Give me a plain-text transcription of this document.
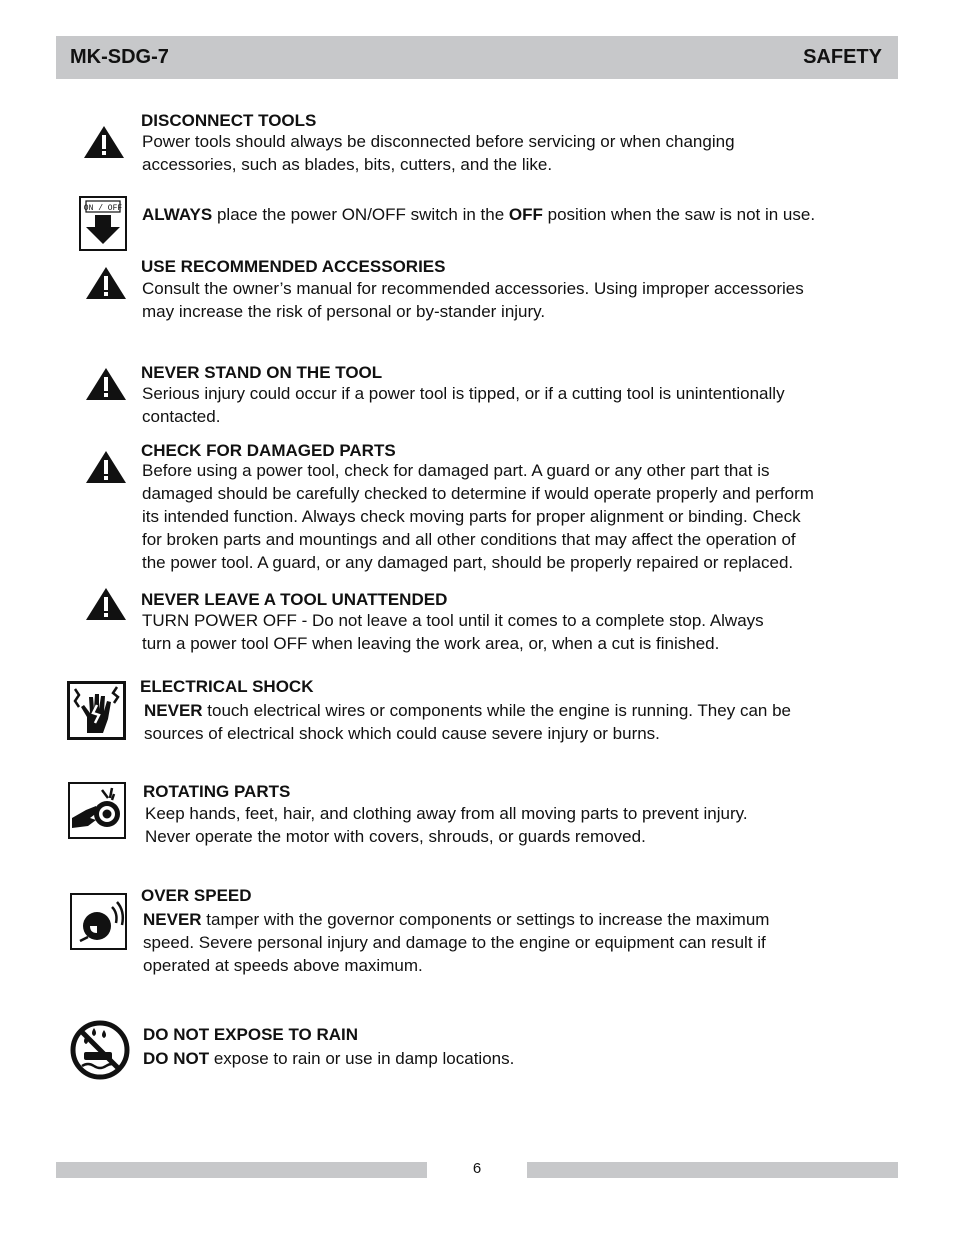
MK-SDG-7	SAFETY
DISCONNECT TOOLS
Power tools should always be disconnected before servicing or when changing
accessories, such as blades, bits, cutters, and the like.
ON / OFF ALWAYS place the power ON/OFF switch in the OFF position when the saw is not in use.
USE RECOMMENDED ACCESSORIES
Consult the owner’s manual for recommended accessories. Using improper accessories
may increase the risk of personal or by-stander injury.
NEVER STAND ON THE TOOL
Serious injury could occur if a power tool is tipped, or if a cutting tool is unintentionally
contacted.
CHECK FOR DAMAGED PARTS
Before using a power tool, check for damaged part. A guard or any other part that is
damaged should be carefully checked to determine if would operate properly and perform
its intended function. Always check moving parts for proper alignment or binding. Check
for broken parts and mountings and all other conditions that may affect the operation of
the power tool. A guard, or any damaged part, should be properly repaired or replaced.
NEVER LEAVE A TOOL UNATTENDED
TURN POWER OFF - Do not leave a tool until it comes to a complete stop. Always
turn a power tool OFF when leaving the work area, or, when a cut is finished.
ELECTRICAL SHOCK
NEVER touch electrical wires or components while the engine is running. They can be
sources of electrical shock which could cause severe injury or burns.
ROTATING PARTS
Keep hands, feet, hair, and clothing away from all moving parts to prevent injury.
Never operate the motor with covers, shrouds, or guards removed.
OVER SPEED
NEVER tamper with the governor components or settings to increase the maximum
speed. Severe personal injury and damage to the engine or equipment can result if
operated at speeds above maximum.
DO NOT EXPOSE TO RAIN
DO NOT expose to rain or use in damp locations.
6
